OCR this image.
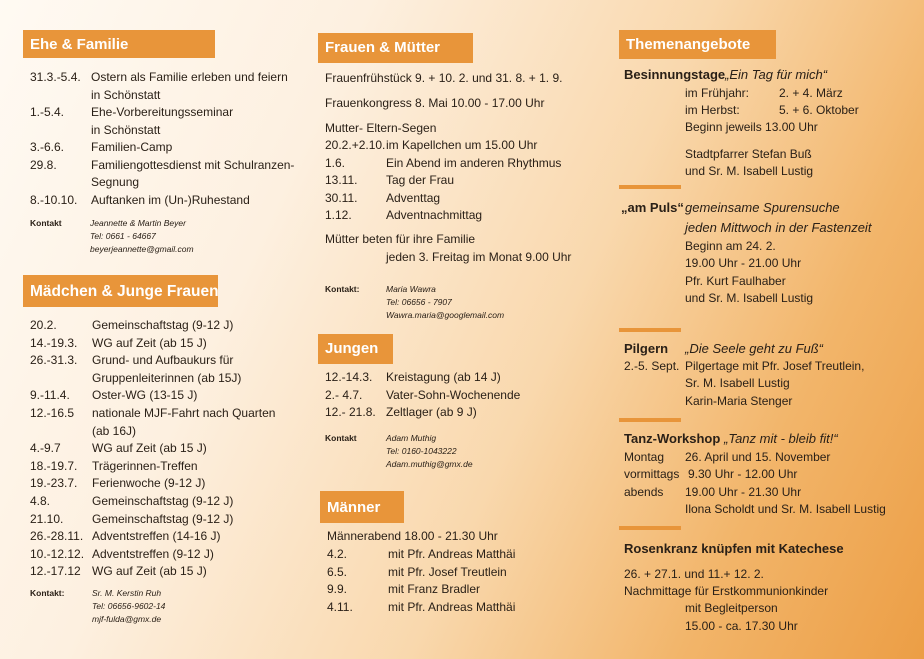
Ehe & Familie
31.3.-5.4. Ostern als Familie erleben und feiern
in Schönstatt
1.-5.4. Ehe-Vorbereitungsseminar
in Schönstatt
3.-6.6. Familien-Camp
29.8.	Familiengottesdienst mit Schulranzen-
Segnung
8.-10.10. Auftanken im (Un-)Ruhestand
Kontakt	Jeannette & Martin Beyer
Tel: 0661 - 64667
beyerjeannette@gmail.com
Mädchen & Junge Frauen
20.2.	Gemeinschaftstag (9-12 J)
14.-19.3. WG auf Zeit (ab 15 J)
26.-31.3. Grund- und Aufbaukurs für
Gruppenleiterinnen (ab 15J)
9.-11.4. Oster-WG (13-15 J)
12.-16.5 nationale MJF-Fahrt nach Quarten
(ab 16J)
4.-9.7	WG auf Zeit (ab 15 J)
18.-19.7. Trägerinnen-Treffen
19.-23.7. Ferienwoche (9-12 J)
4.8.	Gemeinschaftstag (9-12 J)
21.10. Gemeinschaftstag (9-12 J)
26.-28.11. Adventstreffen (14-16 J)
10.-12.12. Adventstreffen (9-12 J)
12.-17.12 WG auf Zeit (ab 15 J)
Kontakt:	Sr. M. Kerstin Ruh
Tel: 06656-9602-14
mjf-fulda@gmx.de
Frauen & Mütter
Frauenfrühstück 9. + 10. 2. und 31. 8. + 1. 9.
Frauenkongress 8. Mai 10.00 - 17.00 Uhr
Mutter- Eltern-Segen
20.2.+2.10. im Kapellchen um 15.00 Uhr
1.6.	Ein Abend im anderen Rhythmus
13.11. Tag der Frau
30.11. Adventtag
1.12.	Adventnachmittag
Mütter beten für ihre Familie
jeden 3. Freitag im Monat 9.00 Uhr
Kontakt:	Maria Wawra
Tel: 06656 - 7907
Wawra.maria@googlemail.com
Jungen
12.-14.3. Kreistagung (ab 14 J)
2.- 4.7. Vater-Sohn-Wochenende
12.- 21.8. Zeltlager (ab 9 J)
Kontakt	Adam Muthig
Tel: 0160-1043222
Adam.muthig@gmx.de
Männer
Männerabend 18.00 - 21.30 Uhr
4.2.	mit Pfr. Andreas Matthäi
6.5.	mit Pfr. Josef Treutlein
9.9.	mit Franz Bradler
4.11.	mit Pfr. Andreas Matthäi
Themenangebote
Besinnungstage „Ein Tag für mich“
im Frühjahr: 2. + 4. März
im Herbst:	5. + 6. Oktober
Beginn jeweils 13.00 Uhr
Stadtpfarrer Stefan Buß
und Sr. M. Isabell Lustig
„am Puls“ gemeinsame Spurensuche
jeden Mittwoch in der Fastenzeit
Beginn am 24. 2.
19.00 Uhr - 21.00 Uhr
Pfr. Kurt Faulhaber
und Sr. M. Isabell Lustig
Pilgern „Die Seele geht zu Fuß“
2.-5. Sept. Pilgertage mit Pfr. Josef Treutlein,
Sr. M. Isabell Lustig
Karin-Maria Stenger
Tanz-Workshop „Tanz mit - bleib fit!“
Montag 26. April und 15. November
vormittags 9.30 Uhr - 12.00 Uhr
abends 19.00 Uhr - 21.30 Uhr
Ilona Scholdt und Sr. M. Isabell Lustig
Rosenkranz knüpfen mit Katechese
26. + 27.1. und 11.+ 12. 2.
Nachmittage für Erstkommunionkinder
mit Begleitperson
15.00 - ca. 17.30 Uhr
